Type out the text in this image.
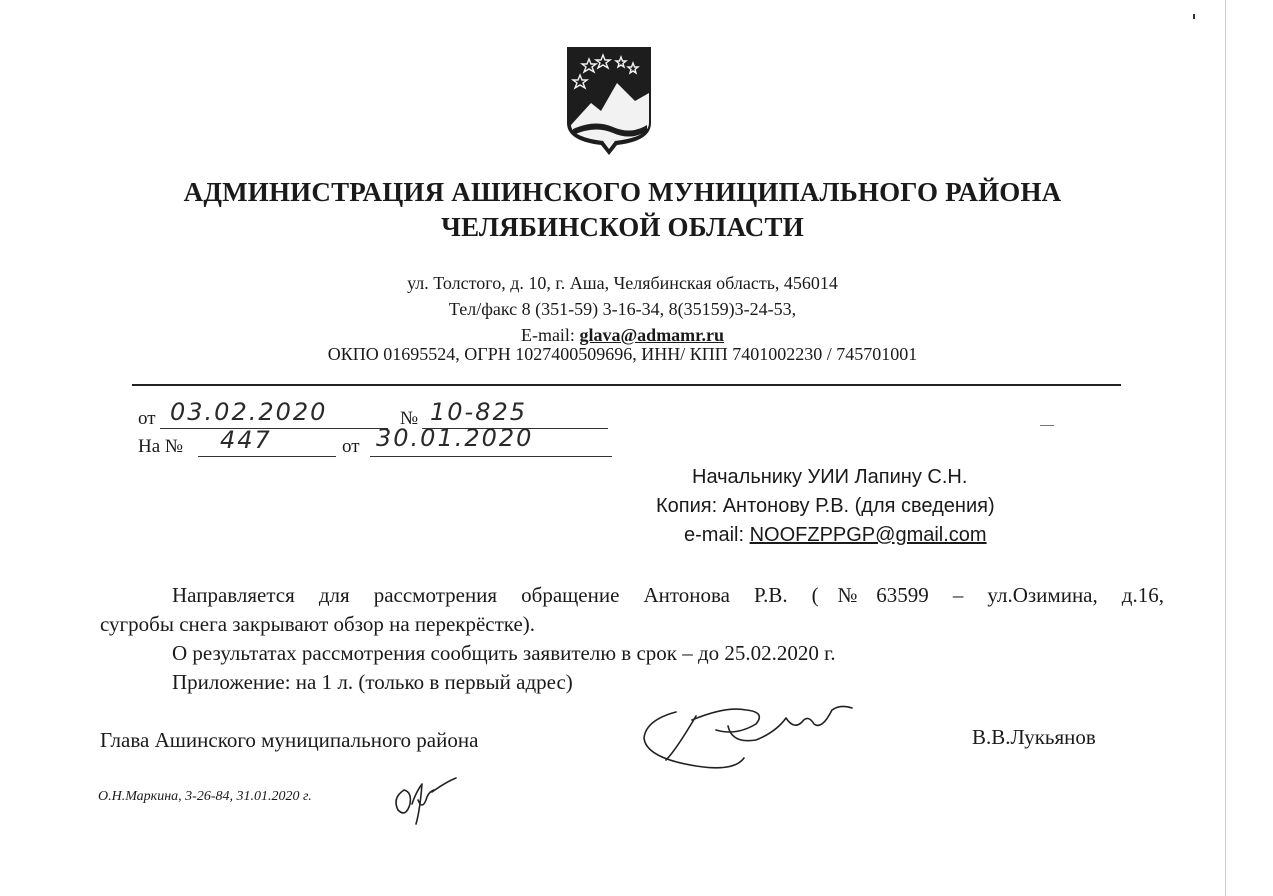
АДМИНИСТРАЦИЯ АШИНСКОГО МУНИЦИПАЛЬНОГО РАЙОНА
ЧЕЛЯБИНСКОЙ ОБЛАСТИ
ул. Толстого, д. 10, г. Аша, Челябинская область, 456014
Тел/факс 8 (351-59) 3-16-34, 8(35159)3-24-53,
E-mail: glava@admamr.ru
ОКПО 01695524, ОГРН 1027400509696, ИНН/ КПП 7401002230 / 745701001
от 03.02.2020	№ 10-825
На № 447	от 30.01.2020
Начальнику УИИ Лапину С.Н.
Копия: Антонову Р.В. (для сведения)
e-mail: NOOFZPPGP@gmail.com
Направляется для рассмотрения обращение Антонова Р.В. (№63599 – ул.Озимина, д.16,
сугробы снега закрывают обзор на перекрёстке).
О результатах рассмотрения сообщить заявителю в срок – до 25.02.2020 г.
Приложение: на 1 л. (только в первый адрес)
Глава Ашинского муниципального района	В.В.Лукьянов
О.Н.Маркина, 3-26-84, 31.01.2020 г.
